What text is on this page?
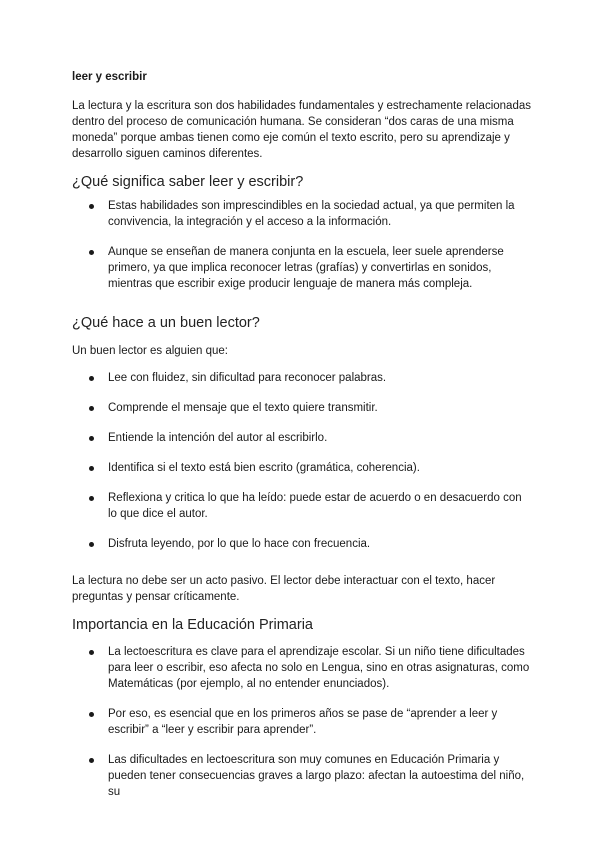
leer y escribir

La lectura y la escritura son dos habilidades fundamentales y estrechamente relacionadas dentro del proceso de comunicación humana. Se consideran “dos caras de una misma moneda” porque ambas tienen como eje común el texto escrito, pero su aprendizaje y desarrollo siguen caminos diferentes.

¿Qué significa saber leer y escribir?
Estas habilidades son imprescindibles en la sociedad actual, ya que permiten la convivencia, la integración y el acceso a la información.
Aunque se enseñan de manera conjunta en la escuela, leer suele aprenderse primero, ya que implica reconocer letras (grafías) y convertirlas en sonidos, mientras que escribir exige producir lenguaje de manera más compleja.
¿Qué hace a un buen lector?

Un buen lector es alguien que:

Lee con fluidez, sin dificultad para reconocer palabras.
Comprende el mensaje que el texto quiere transmitir.
Entiende la intención del autor al escribirlo.
Identifica si el texto está bien escrito (gramática, coherencia).
Reflexiona y critica lo que ha leído: puede estar de acuerdo o en desacuerdo con lo que dice el autor.
Disfruta leyendo, por lo que lo hace con frecuencia.

La lectura no debe ser un acto pasivo. El lector debe interactuar con el texto, hacer preguntas y pensar críticamente.

Importancia en la Educación Primaria
La lectoescritura es clave para el aprendizaje escolar. Si un niño tiene dificultades para leer o escribir, eso afecta no solo en Lengua, sino en otras asignaturas, como Matemáticas (por ejemplo, al no entender enunciados).
Por eso, es esencial que en los primeros años se pase de “aprender a leer y escribir” a “leer y escribir para aprender”.
Las dificultades en lectoescritura son muy comunes en Educación Primaria y pueden tener consecuencias graves a largo plazo: afectan la autoestima del niño, su
